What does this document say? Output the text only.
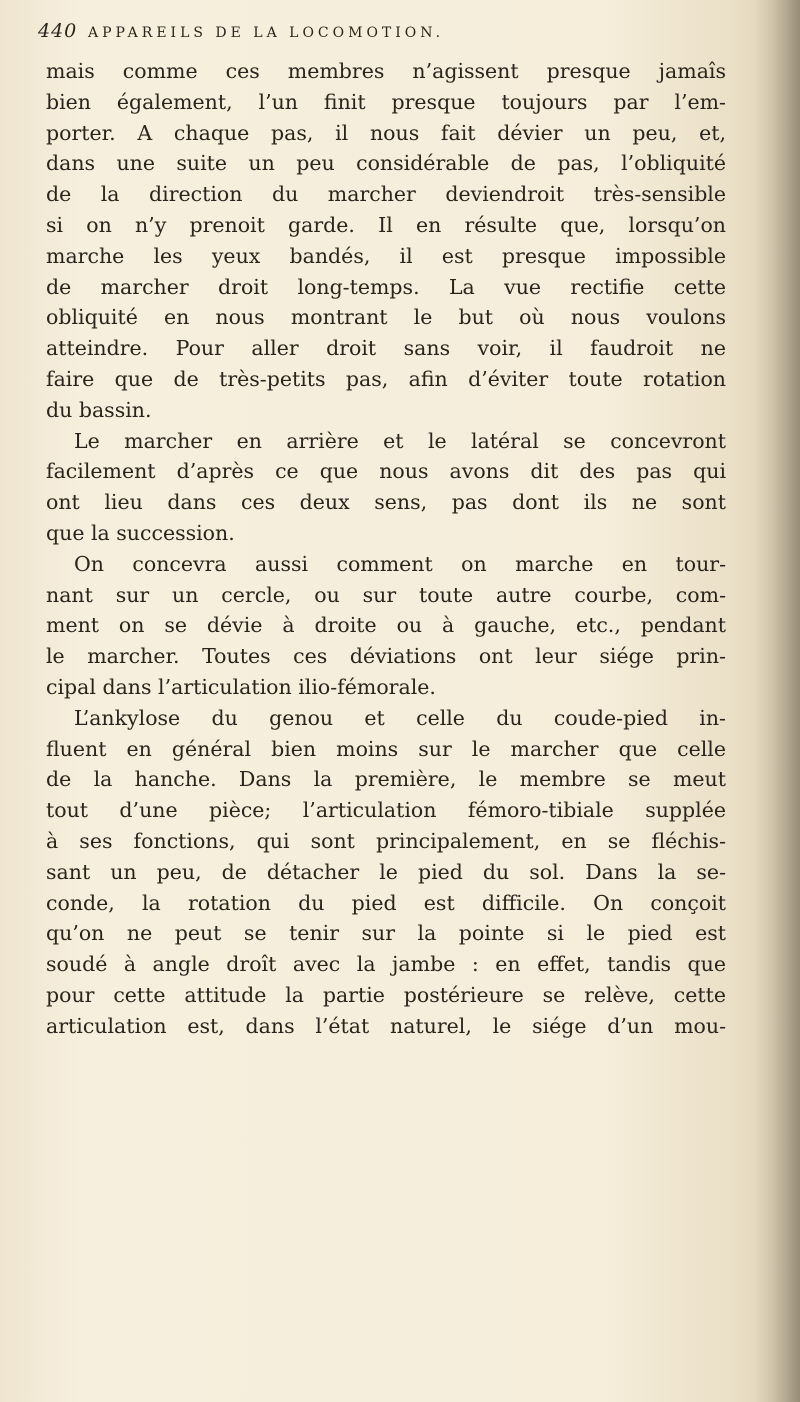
440 APPAREILS DE LA LOCOMOTION.
mais comme ces membres n’agissent presque jamaîs
bien également, l’un finit presque toujours par l’em-
porter. A chaque pas, il nous fait dévier un peu, et,
dans une suite un peu considérable de pas, l’obliquité
de la direction du marcher deviendroit très-sensible
si on n’y prenoit garde. Il en résulte que, lorsqu’on
marche les yeux bandés, il est presque impossible
de marcher droit long-temps. La vue rectifie cette
obliquité en nous montrant le but où nous voulons
atteindre. Pour aller droit sans voir, il faudroit ne
faire que de très-petits pas, afin d’éviter toute rotation
du bassin.
Le marcher en arrière et le latéral se concevront
facilement d’après ce que nous avons dit des pas qui
ont lieu dans ces deux sens, pas dont ils ne sont
que la succession.
On concevra aussi comment on marche en tour-
nant sur un cercle, ou sur toute autre courbe, com-
ment on se dévie à droite ou à gauche, etc., pendant
le marcher. Toutes ces déviations ont leur siége prin-
cipal dans l’articulation ilio-fémorale.
L’ankylose du genou et celle du coude-pied in-
fluent en général bien moins sur le marcher que celle
de la hanche. Dans la première, le membre se meut
tout d’une pièce; l’articulation fémoro-tibiale supplée
à ses fonctions, qui sont principalement, en se fléchis-
sant un peu, de détacher le pied du sol. Dans la se-
conde, la rotation du pied est difficile. On conçoit
qu’on ne peut se tenir sur la pointe si le pied est
soudé à angle droît avec la jambe : en effet, tandis que
pour cette attitude la partie postérieure se relève, cette
articulation est, dans l’état naturel, le siége d’un mou-
